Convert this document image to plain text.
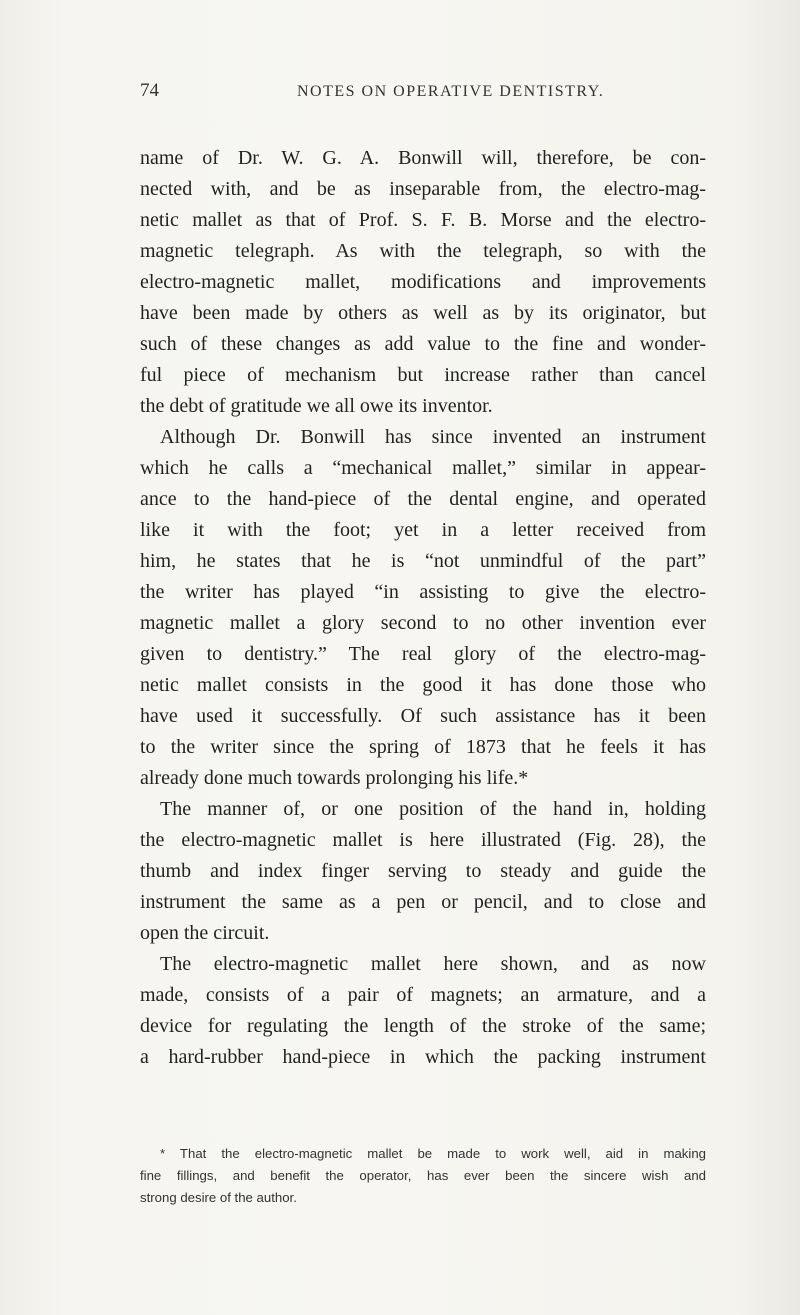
74	NOTES ON OPERATIVE DENTISTRY.
name of Dr. W. G. A. Bonwill will, therefore, be con-
nected with, and be as inseparable from, the electro-mag-
netic mallet as that of Prof. S. F. B. Morse and the electro-
magnetic telegraph. As with the telegraph, so with the
electro-magnetic mallet, modifications and improvements
have been made by others as well as by its originator, but
such of these changes as add value to the fine and wonder-
ful piece of mechanism but increase rather than cancel
the debt of gratitude we all owe its inventor.
Although Dr. Bonwill has since invented an instrument
which he calls a “mechanical mallet,” similar in appear-
ance to the hand-piece of the dental engine, and operated
like it with the foot; yet in a letter received from
him, he states that he is “not unmindful of the part”
the writer has played “in assisting to give the electro-
magnetic mallet a glory second to no other invention ever
given to dentistry.” The real glory of the electro-mag-
netic mallet consists in the good it has done those who
have used it successfully. Of such assistance has it been
to the writer since the spring of 1873 that he feels it has
already done much towards prolonging his life.*
The manner of, or one position of the hand in, holding
the electro-magnetic mallet is here illustrated (Fig. 28), the
thumb and index finger serving to steady and guide the
instrument the same as a pen or pencil, and to close and
open the circuit.
The electro-magnetic mallet here shown, and as now
made, consists of a pair of magnets; an armature, and a
device for regulating the length of the stroke of the same;
a hard-rubber hand-piece in which the packing instrument
* That the electro-magnetic mallet be made to work well, aid in making
fine fillings, and benefit the operator, has ever been the sincere wish and
strong desire of the author.
